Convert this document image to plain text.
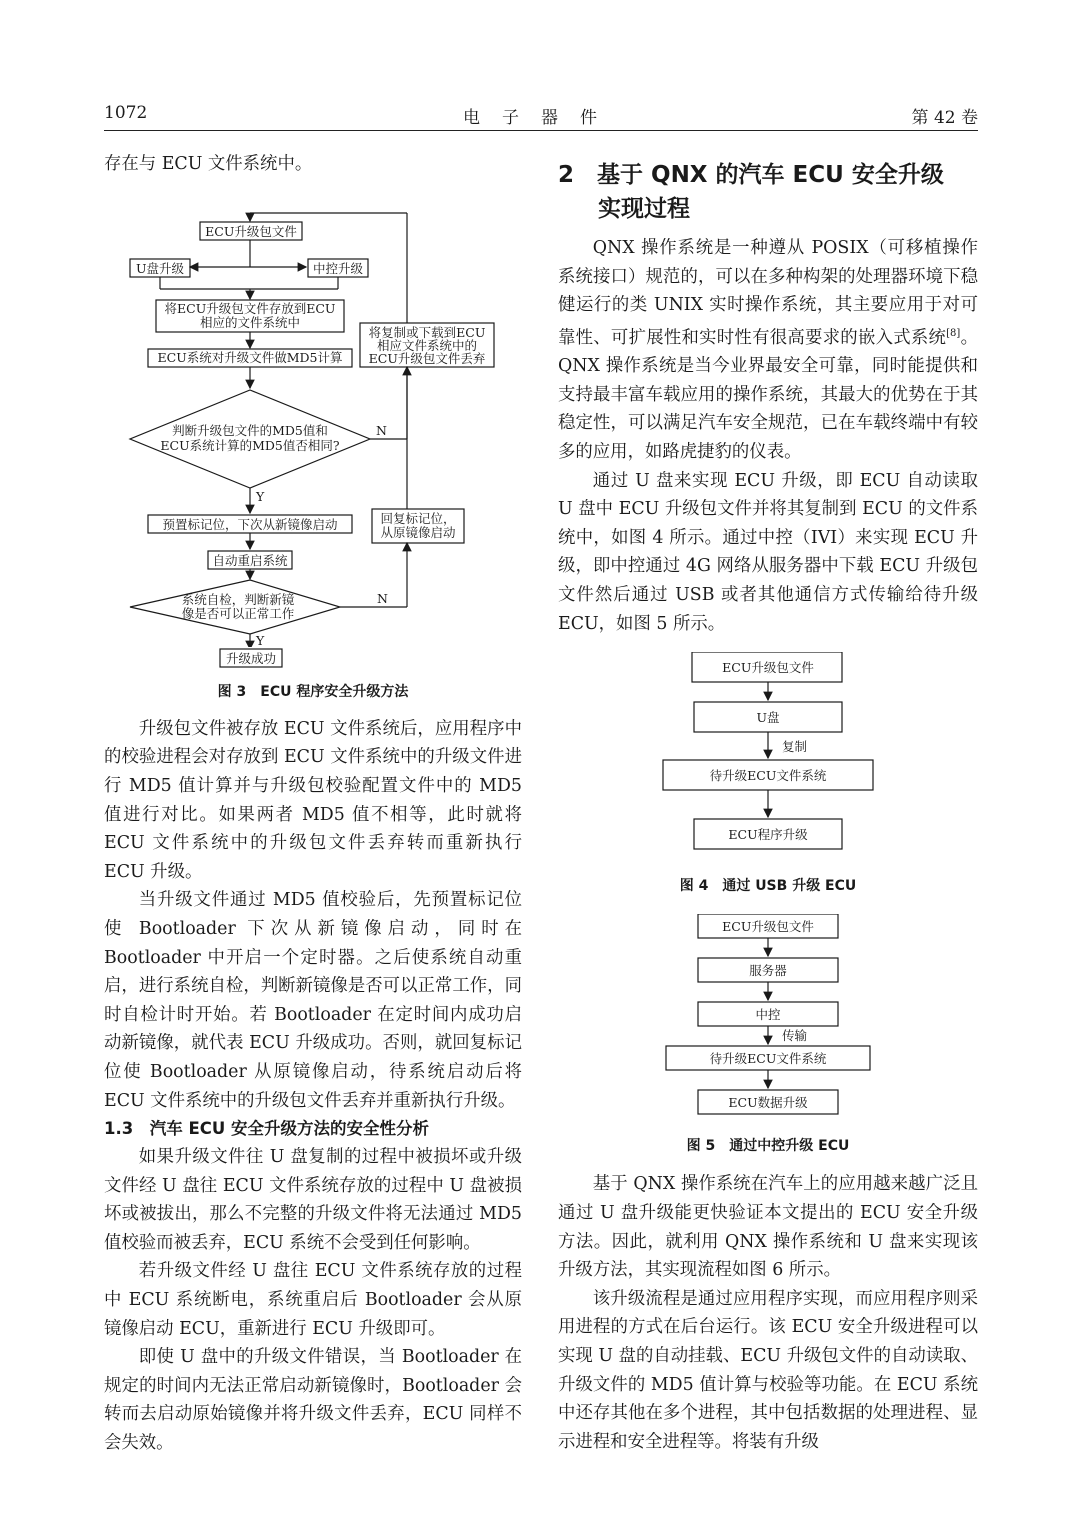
1072	电子器件	第 42 卷

存在与 ECU 文件系统中。

ECU升级包文件
U盘升级	中控升级
将ECU升级包文件存放到ECU
相应的文件系统中
ECU系统对升级文件做MD5计算
判断升级包文件的MD5值和
ECU系统计算的MD5值否相同?
将复制或下载到ECU
相应文件系统中的
ECU升级包文件丢弃
N
Y
预置标记位，下次从新镜像启动	回复标记位，
从原镜像启动
自动重启系统
系统自检，判断新镜
像是否可以正常工作
N
Y
升级成功
图 3　ECU 程序安全升级方法

升级包文件被存放 ECU 文件系统后，应用程序中的校验进程会对存放到 ECU 文件系统中的升级文件进行 MD5 值计算并与升级包校验配置文件中的 MD5 值进行对比。如果两者 MD5 值不相等，此时就将 ECU 文件系统中的升级包文件丢弃转而重新执行 ECU 升级。

当升级文件通过 MD5 值校验后，先预置标记位使 Bootloader 下次从新镜像启动，同时在 Bootloader 中开启一个定时器。之后使系统自动重启，进行系统自检，判断新镜像是否可以正常工作，同时自检计时开始。若 Bootloader 在定时间内成功启动新镜像，就代表 ECU 升级成功。否则，就回复标记位使 Bootloader 从原镜像启动，待系统启动后将 ECU 文件系统中的升级包文件丢弃并重新执行升级。

1.3　汽车 ECU 安全升级方法的安全性分析

如果升级文件往 U 盘复制的过程中被损坏或升级文件经 U 盘往 ECU 文件系统存放的过程中 U 盘被损坏或被拔出，那么不完整的升级文件将无法通过 MD5 值校验而被丢弃，ECU 系统不会受到任何影响。

若升级文件经 U 盘往 ECU 文件系统存放的过程中 ECU 系统断电，系统重启后 Bootloader 会从原镜像启动 ECU，重新进行 ECU 升级即可。

即使 U 盘中的升级文件错误，当 Bootloader 在规定的时间内无法正常启动新镜像时，Bootloader 会转而去启动原始镜像并将升级文件丢弃，ECU 同样不会失效。

2　基于 QNX 的汽车 ECU 安全升级
实现过程

QNX 操作系统是一种遵从 POSIX（可移植操作系统接口）规范的，可以在多种构架的处理器环境下稳健运行的类 UNIX 实时操作系统，其主要应用于对可靠性、可扩展性和实时性有很高要求的嵌入式系统[8]。QNX 操作系统是当今业界最安全可靠，同时能提供和支持最丰富车载应用的操作系统，其最大的优势在于其稳定性，可以满足汽车安全规范，已在车载终端中有较多的应用，如路虎捷豹的仪表。

通过 U 盘来实现 ECU 升级，即 ECU 自动读取 U 盘中 ECU 升级包文件并将其复制到 ECU 的文件系统中，如图 4 所示。通过中控（IVI）来实现 ECU 升级，即中控通过 4G 网络从服务器中下载 ECU 升级包文件然后通过 USB 或者其他通信方式传输给待升级 ECU，如图 5 所示。

ECU升级包文件
U盘
复制
待升级ECU文件系统
ECU程序升级
图 4　通过 USB 升级 ECU
ECU升级包文件
服务器
中控
传输
待升级ECU文件系统
ECU数据升级
图 5　通过中控升级 ECU

基于 QNX 操作系统在汽车上的应用越来越广泛且通过 U 盘升级能更快验证本文提出的 ECU 安全升级方法。因此，就利用 QNX 操作系统和 U 盘来实现该升级方法，其实现流程如图 6 所示。

该升级流程是通过应用程序实现，而应用程序则采用进程的方式在后台运行。该 ECU 安全升级进程可以实现 U 盘的自动挂载、ECU 升级包文件的自动读取、升级文件的 MD5 值计算与校验等功能。在 ECU 系统中还存其他在多个进程，其中包括数据的处理进程、显示进程和安全进程等。将装有升级
